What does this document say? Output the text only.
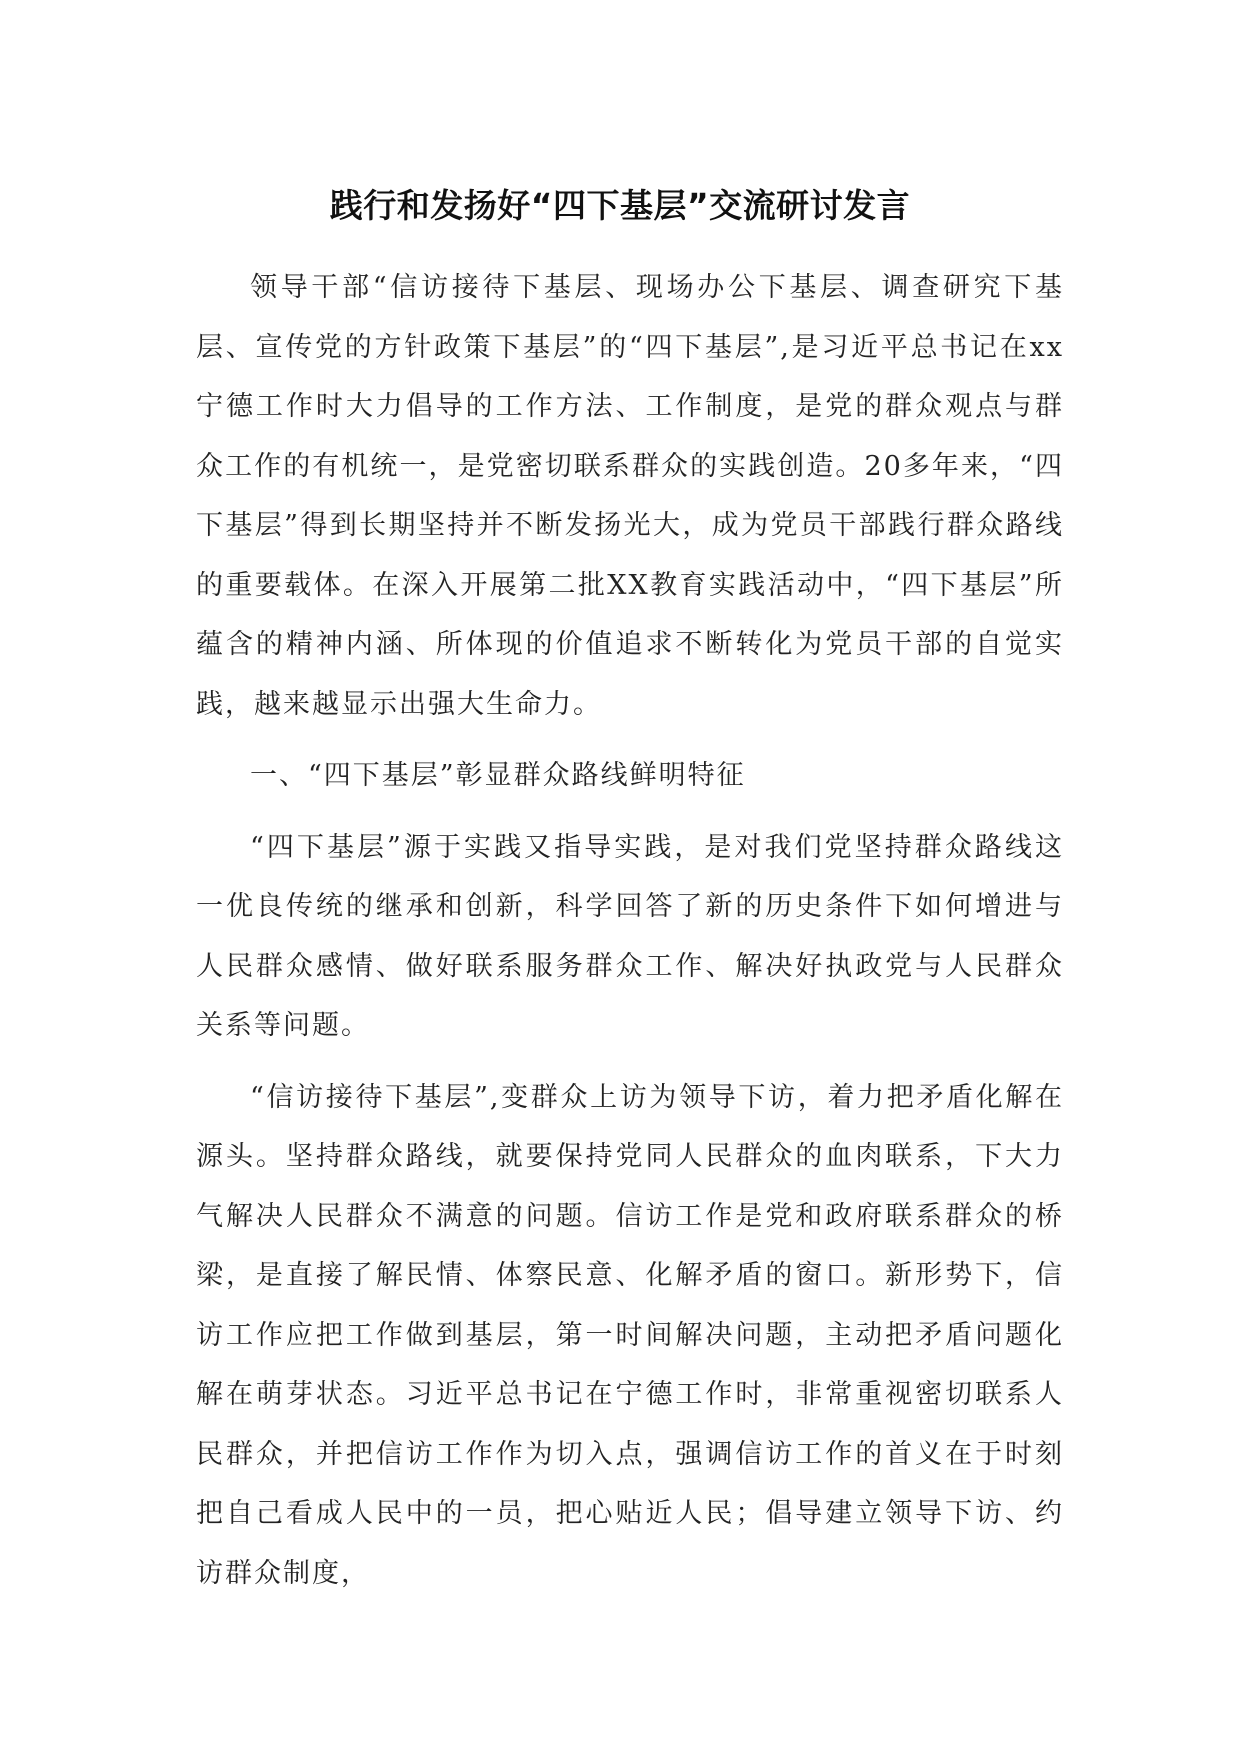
践行和发扬好“四下基层”交流研讨发言

领导干部“信访接待下基层、现场办公下基层、调查研究下基层、宣传党的方针政策下基层”的“四下基层”,是习近平总书记在xx宁德工作时大力倡导的工作方法、工作制度，是党的群众观点与群众工作的有机统一，是党密切联系群众的实践创造。20多年来，“四下基层”得到长期坚持并不断发扬光大，成为党员干部践行群众路线的重要载体。在深入开展第二批XX教育实践活动中，“四下基层”所蕴含的精神内涵、所体现的价值追求不断转化为党员干部的自觉实践，越来越显示出强大生命力。

一、“四下基层”彰显群众路线鲜明特征

“四下基层”源于实践又指导实践，是对我们党坚持群众路线这一优良传统的继承和创新，科学回答了新的历史条件下如何增进与人民群众感情、做好联系服务群众工作、解决好执政党与人民群众关系等问题。

“信访接待下基层”,变群众上访为领导下访，着力把矛盾化解在源头。坚持群众路线，就要保持党同人民群众的血肉联系，下大力气解决人民群众不满意的问题。信访工作是党和政府联系群众的桥梁，是直接了解民情、体察民意、化解矛盾的窗口。新形势下，信访工作应把工作做到基层，第一时间解决问题，主动把矛盾问题化解在萌芽状态。习近平总书记在宁德工作时，非常重视密切联系人民群众，并把信访工作作为切入点，强调信访工作的首义在于时刻把自己看成人民中的一员，把心贴近人民；倡导建立领导下访、约访群众制度，
